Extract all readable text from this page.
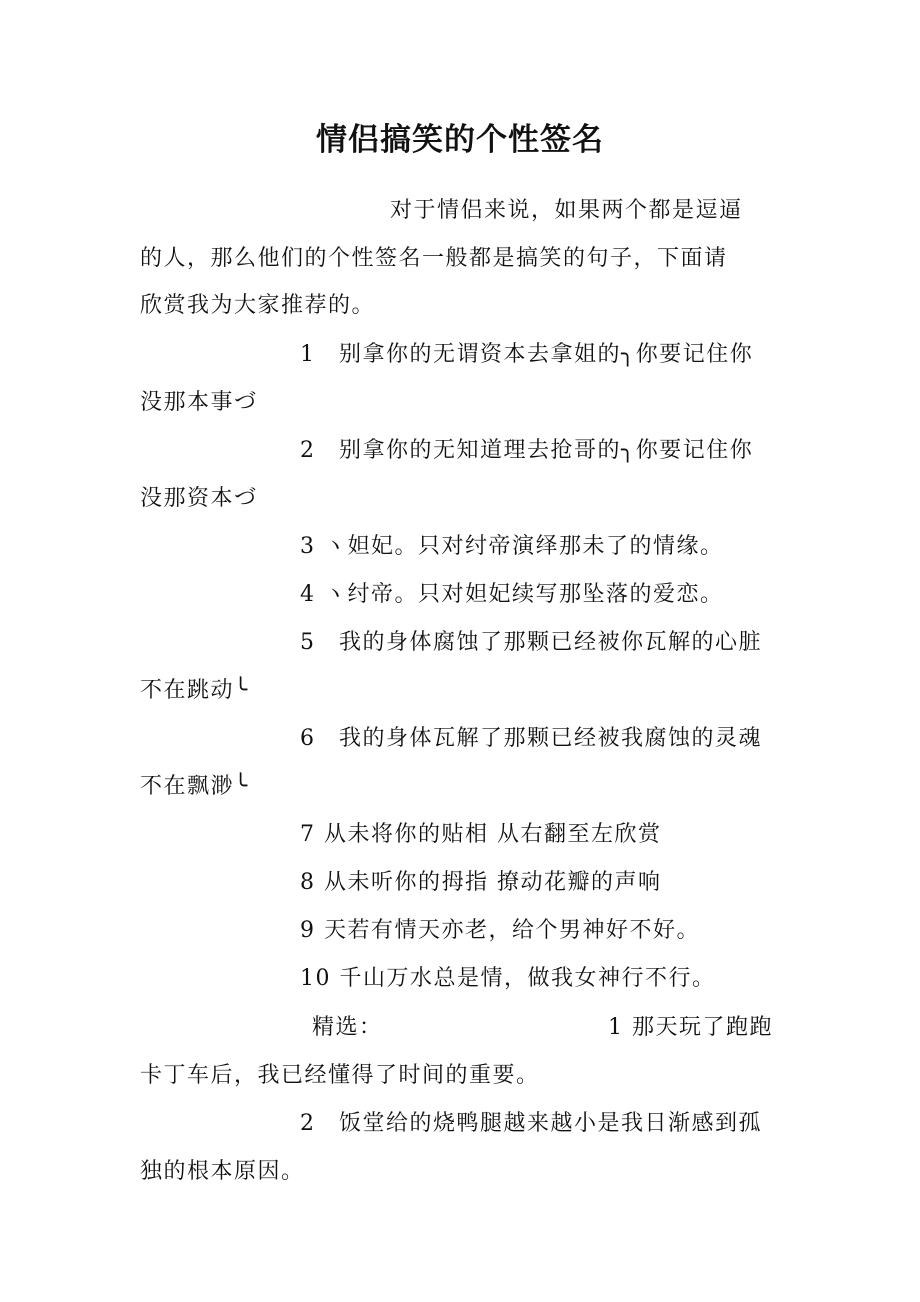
情侣搞笑的个性签名
对于情侣来说，如果两个都是逗逼
的人，那么他们的个性签名一般都是搞笑的句子，下面请
欣赏我为大家推荐的。
1　别拿你的无谓资本去拿姐的╮你要记住你
没那本事づ
2　别拿你的无知道理去抢哥的╮你要记住你
没那资本づ
3 ヽ妲妃。只对纣帝演绎那未了的情缘。
4 ヽ纣帝。只对妲妃续写那坠落的爱恋。
5　我的身体腐蚀了那颗已经被你瓦解的心脏
不在跳动╰
6　我的身体瓦解了那颗已经被我腐蚀的灵魂
不在飘渺╰
7 从未将你的贴相 从右翻至左欣赏
8 从未听你的拇指 撩动花瓣的声响
9 天若有情天亦老，给个男神好不好。
10 千山万水总是情，做我女神行不行。
精选：	1 那天玩了跑跑
卡丁车后，我已经懂得了时间的重要。
2　饭堂给的烧鸭腿越来越小是我日渐感到孤
独的根本原因。
